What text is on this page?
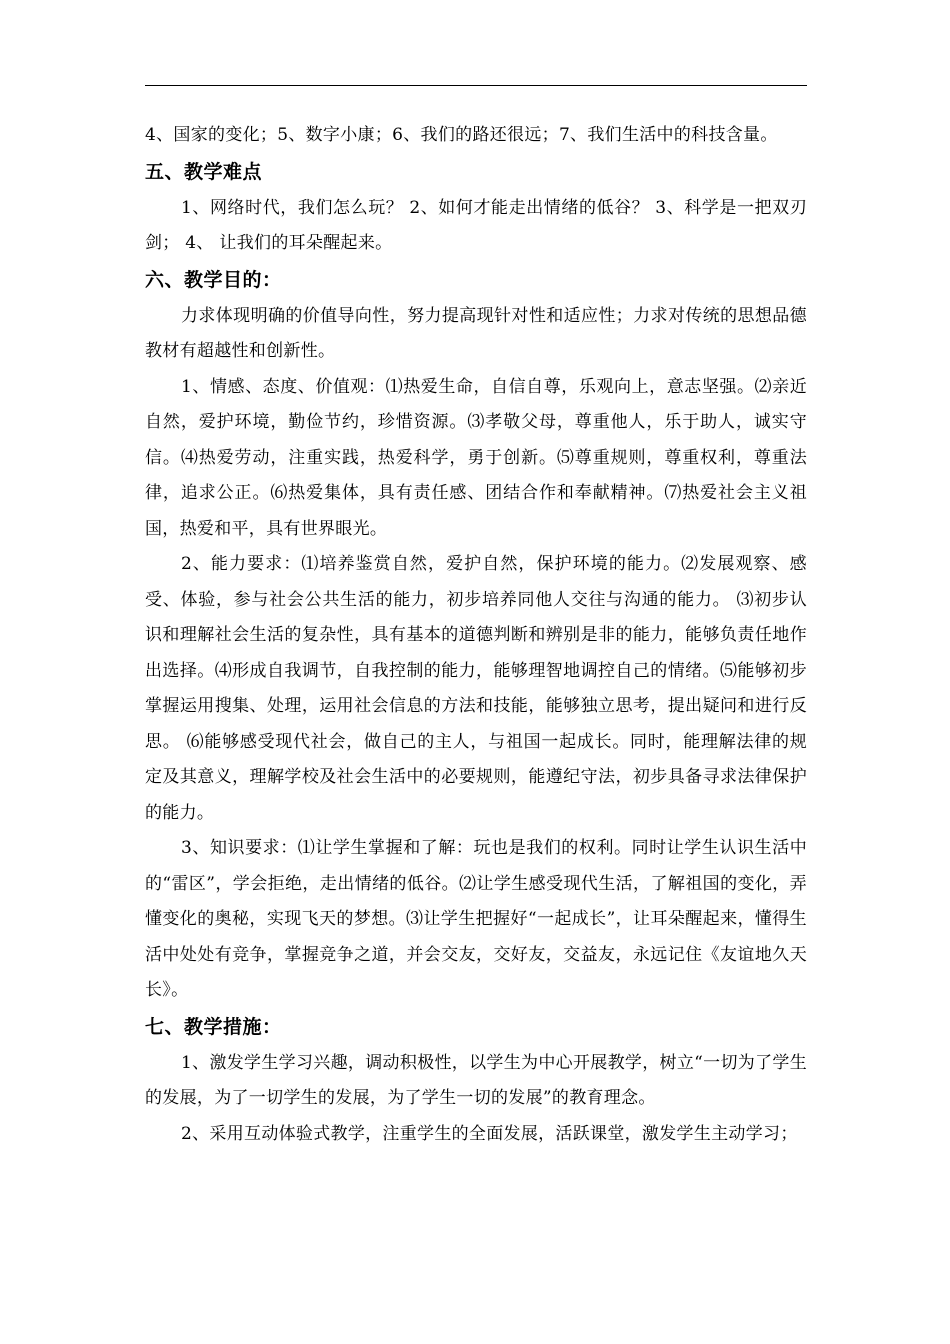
4、国家的变化；5、数字小康；6、我们的路还很远；7、我们生活中的科技含量。

五、教学难点

1、网络时代，我们怎么玩？ 2、如何才能走出情绪的低谷？ 3、科学是一把双刃剑； 4、 让我们的耳朵醒起来。

六、教学目的：

力求体现明确的价值导向性，努力提高现针对性和适应性；力求对传统的思想品德教材有超越性和创新性。

1、情感、态度、价值观：⑴热爱生命，自信自尊，乐观向上，意志坚强。⑵亲近自然，爱护环境，勤俭节约，珍惜资源。⑶孝敬父母，尊重他人，乐于助人，诚实守信。⑷热爱劳动，注重实践，热爱科学，勇于创新。⑸尊重规则，尊重权利，尊重法律，追求公正。⑹热爱集体，具有责任感、团结合作和奉献精神。⑺热爱社会主义祖国，热爱和平，具有世界眼光。

2、能力要求：⑴培养鉴赏自然，爱护自然，保护环境的能力。⑵发展观察、感受、体验，参与社会公共生活的能力，初步培养同他人交往与沟通的能力。 ⑶初步认识和理解社会生活的复杂性，具有基本的道德判断和辨别是非的能力，能够负责任地作出选择。⑷形成自我调节，自我控制的能力，能够理智地调控自己的情绪。⑸能够初步掌握运用搜集、处理，运用社会信息的方法和技能，能够独立思考，提出疑问和进行反思。 ⑹能够感受现代社会，做自己的主人，与祖国一起成长。同时，能理解法律的规定及其意义，理解学校及社会生活中的必要规则，能遵纪守法，初步具备寻求法律保护的能力。

3、知识要求：⑴让学生掌握和了解：玩也是我们的权利。同时让学生认识生活中的“雷区”，学会拒绝，走出情绪的低谷。⑵让学生感受现代生活，了解祖国的变化，弄懂变化的奥秘，实现飞天的梦想。⑶让学生把握好“一起成长”，让耳朵醒起来，懂得生活中处处有竞争，掌握竞争之道，并会交友，交好友，交益友，永远记住《友谊地久天长》。

七、教学措施：

1、激发学生学习兴趣，调动积极性，以学生为中心开展教学，树立“一切为了学生的发展，为了一切学生的发展，为了学生一切的发展”的教育理念。

2、采用互动体验式教学，注重学生的全面发展，活跃课堂，激发学生主动学习；
